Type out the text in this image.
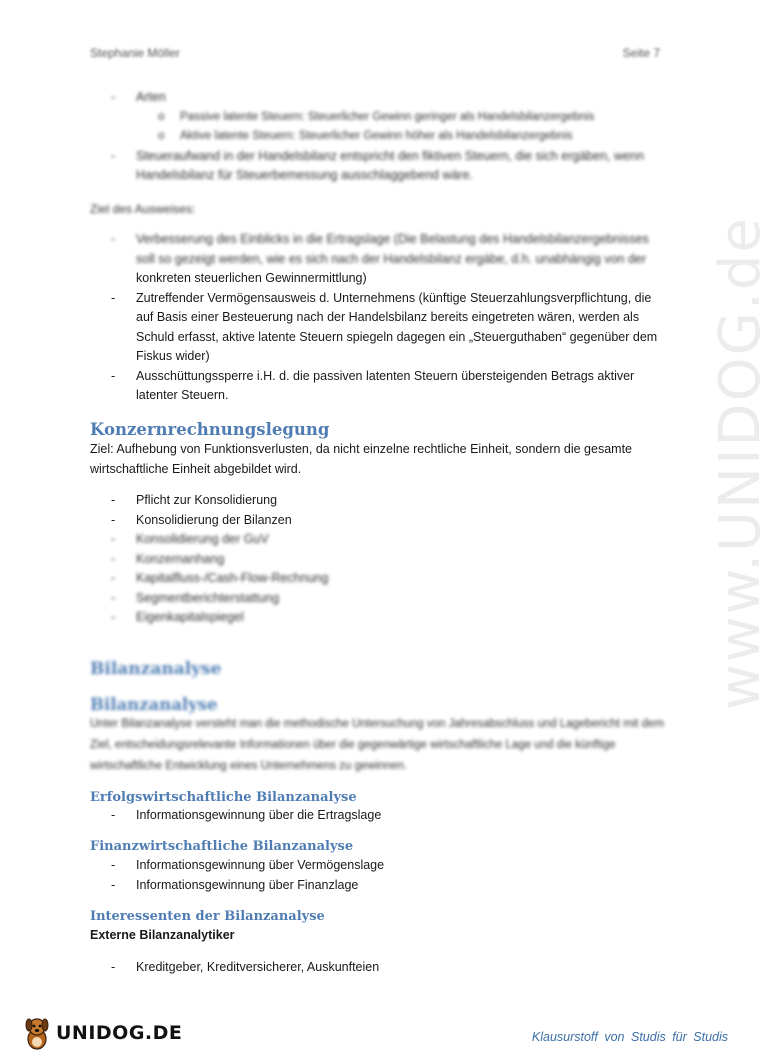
www.UNIDOG.de
Stephanie Möller	Seite 7
- Arten
o Passive latente Steuern: Steuerlicher Gewinn geringer als Handelsbilanzergebnis
o Aktive latente Steuern: Steuerlicher Gewinn höher als Handelsbilanzergebnis
- Steueraufwand in der Handelsbilanz entspricht den fiktiven Steuern, die sich ergäben, wenn Handelsbilanz für Steuerbemessung ausschlaggebend wäre.
Ziel des Ausweises:
- Verbesserung des Einblicks in die Ertragslage (Die Belastung des Handelsbilanzergebnisses soll so gezeigt werden, wie es sich nach der Handelsbilanz ergäbe, d.h. unabhängig von der
konkreten steuerlichen Gewinnermittlung)
- Zutreffender Vermögensausweis d. Unternehmens (künftige Steuerzahlungsverpflichtung, die auf Basis einer Besteuerung nach der Handelsbilanz bereits eingetreten wären, werden als Schuld erfasst, aktive latente Steuern spiegeln dagegen ein „Steuerguthaben“ gegenüber dem Fiskus wider)
- Ausschüttungssperre i.H. d. die passiven latenten Steuern übersteigenden Betrags aktiver latenter Steuern.
Konzernrechnungslegung
Ziel: Aufhebung von Funktionsverlusten, da nicht einzelne rechtliche Einheit, sondern die gesamte wirtschaftliche Einheit abgebildet wird.
- Pflicht zur Konsolidierung
- Konsolidierung der Bilanzen
- Konsolidierung der GuV
- Konzernanhang
- Kapitalfluss-/Cash-Flow-Rechnung
- Segmentberichterstattung
- Eigenkapitalspiegel
Bilanzanalyse
Bilanzanalyse
Unter Bilanzanalyse versteht man die methodische Untersuchung von Jahresabschluss und Lagebericht mit dem Ziel, entscheidungsrelevante Informationen über die gegenwärtige wirtschaftliche Lage und die künftige wirtschaftliche Entwicklung eines Unternehmens zu gewinnen.
Erfolgswirtschaftliche Bilanzanalyse
- Informationsgewinnung über die Ertragslage
Finanzwirtschaftliche Bilanzanalyse
- Informationsgewinnung über Vermögenslage
- Informationsgewinnung über Finanzlage
Interessenten der Bilanzanalyse
Externe Bilanzanalytiker
- Kreditgeber, Kreditversicherer, Auskunfteien
UNIDOG.DE	Klausurstoff von Studis für Studis
